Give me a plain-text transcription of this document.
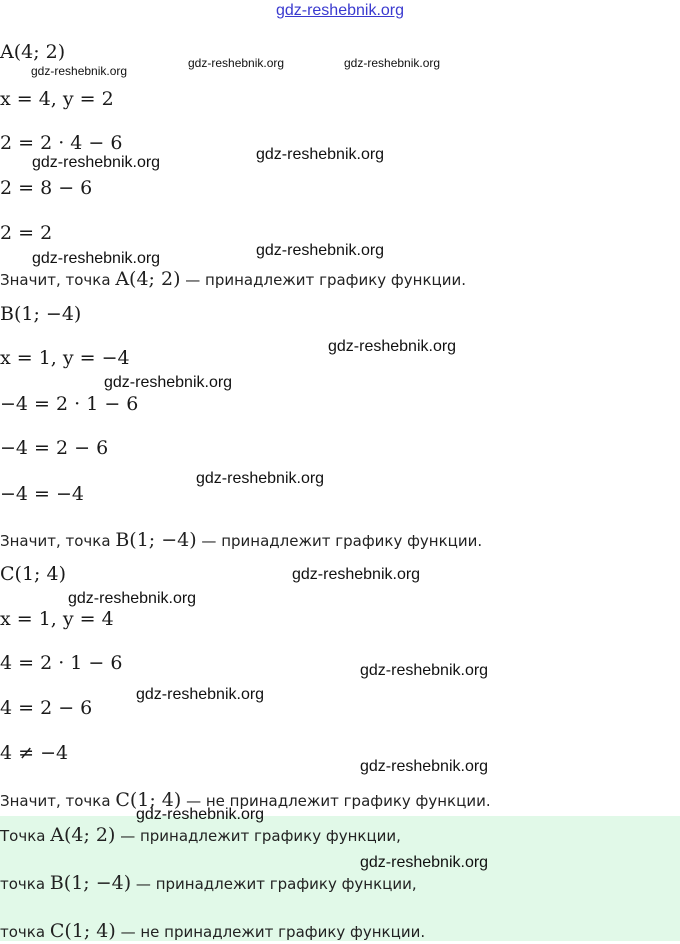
gdz-reshebnik.org
A(4; 2)
x = 4, y = 2
2 = 2 · 4 − 6
2 = 8 − 6
2 = 2
Значит, точка A(4; 2) — принадлежит графику функции.
B(1; −4)
x = 1, y = −4
−4 = 2 · 1 − 6
−4 = 2 − 6
−4 = −4
Значит, точка B(1; −4) — принадлежит графику функции.
C(1; 4)
x = 1, y = 4
4 = 2 · 1 − 6
4 = 2 − 6
4 ≠ −4
Значит, точка C(1; 4) — не принадлежит графику функции.
Точка A(4; 2) — принадлежит графику функции,
точка B(1; −4) — принадлежит графику функции,
точка C(1; 4) — не принадлежит графику функции.
gdz-reshebnik.org
gdz-reshebnik.org	gdz-reshebnik.org
gdz-reshebnik.org	gdz-reshebnik.org
gdz-reshebnik.org	gdz-reshebnik.org
gdz-reshebnik.org
gdz-reshebnik.org
gdz-reshebnik.org
gdz-reshebnik.org
gdz-reshebnik.org
gdz-reshebnik.org
gdz-reshebnik.org
gdz-reshebnik.org
gdz-reshebnik.org
gdz-reshebnik.org
